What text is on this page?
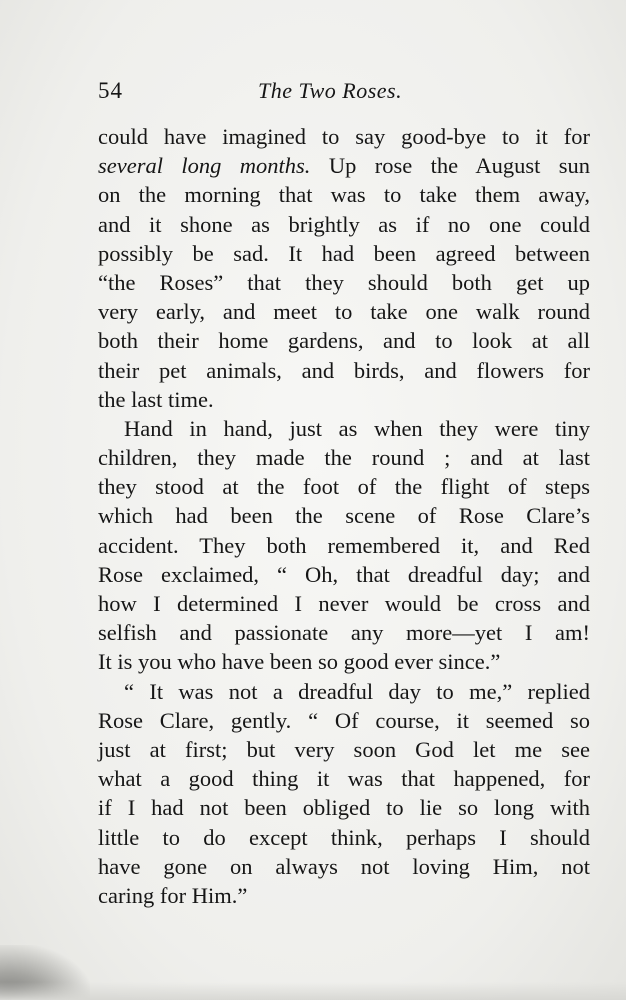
54	The Two Roses.
could have imagined to say good-bye to it for
several long months. Up rose the August sun
on the morning that was to take them away,
and it shone as brightly as if no one could
possibly be sad. It had been agreed between
“the Roses” that they should both get up
very early, and meet to take one walk round
both their home gardens, and to look at all
their pet animals, and birds, and flowers for
the last time.
Hand in hand, just as when they were tiny
children, they made the round ; and at last
they stood at the foot of the flight of steps
which had been the scene of Rose Clare’s
accident. They both remembered it, and Red
Rose exclaimed, “ Oh, that dreadful day; and
how I determined I never would be cross and
selfish and passionate any more—yet I am!
It is you who have been so good ever since.”
“ It was not a dreadful day to me,” replied
Rose Clare, gently. “ Of course, it seemed so
just at first; but very soon God let me see
what a good thing it was that happened, for
if I had not been obliged to lie so long with
little to do except think, perhaps I should
have gone on always not loving Him, not
caring for Him.”
